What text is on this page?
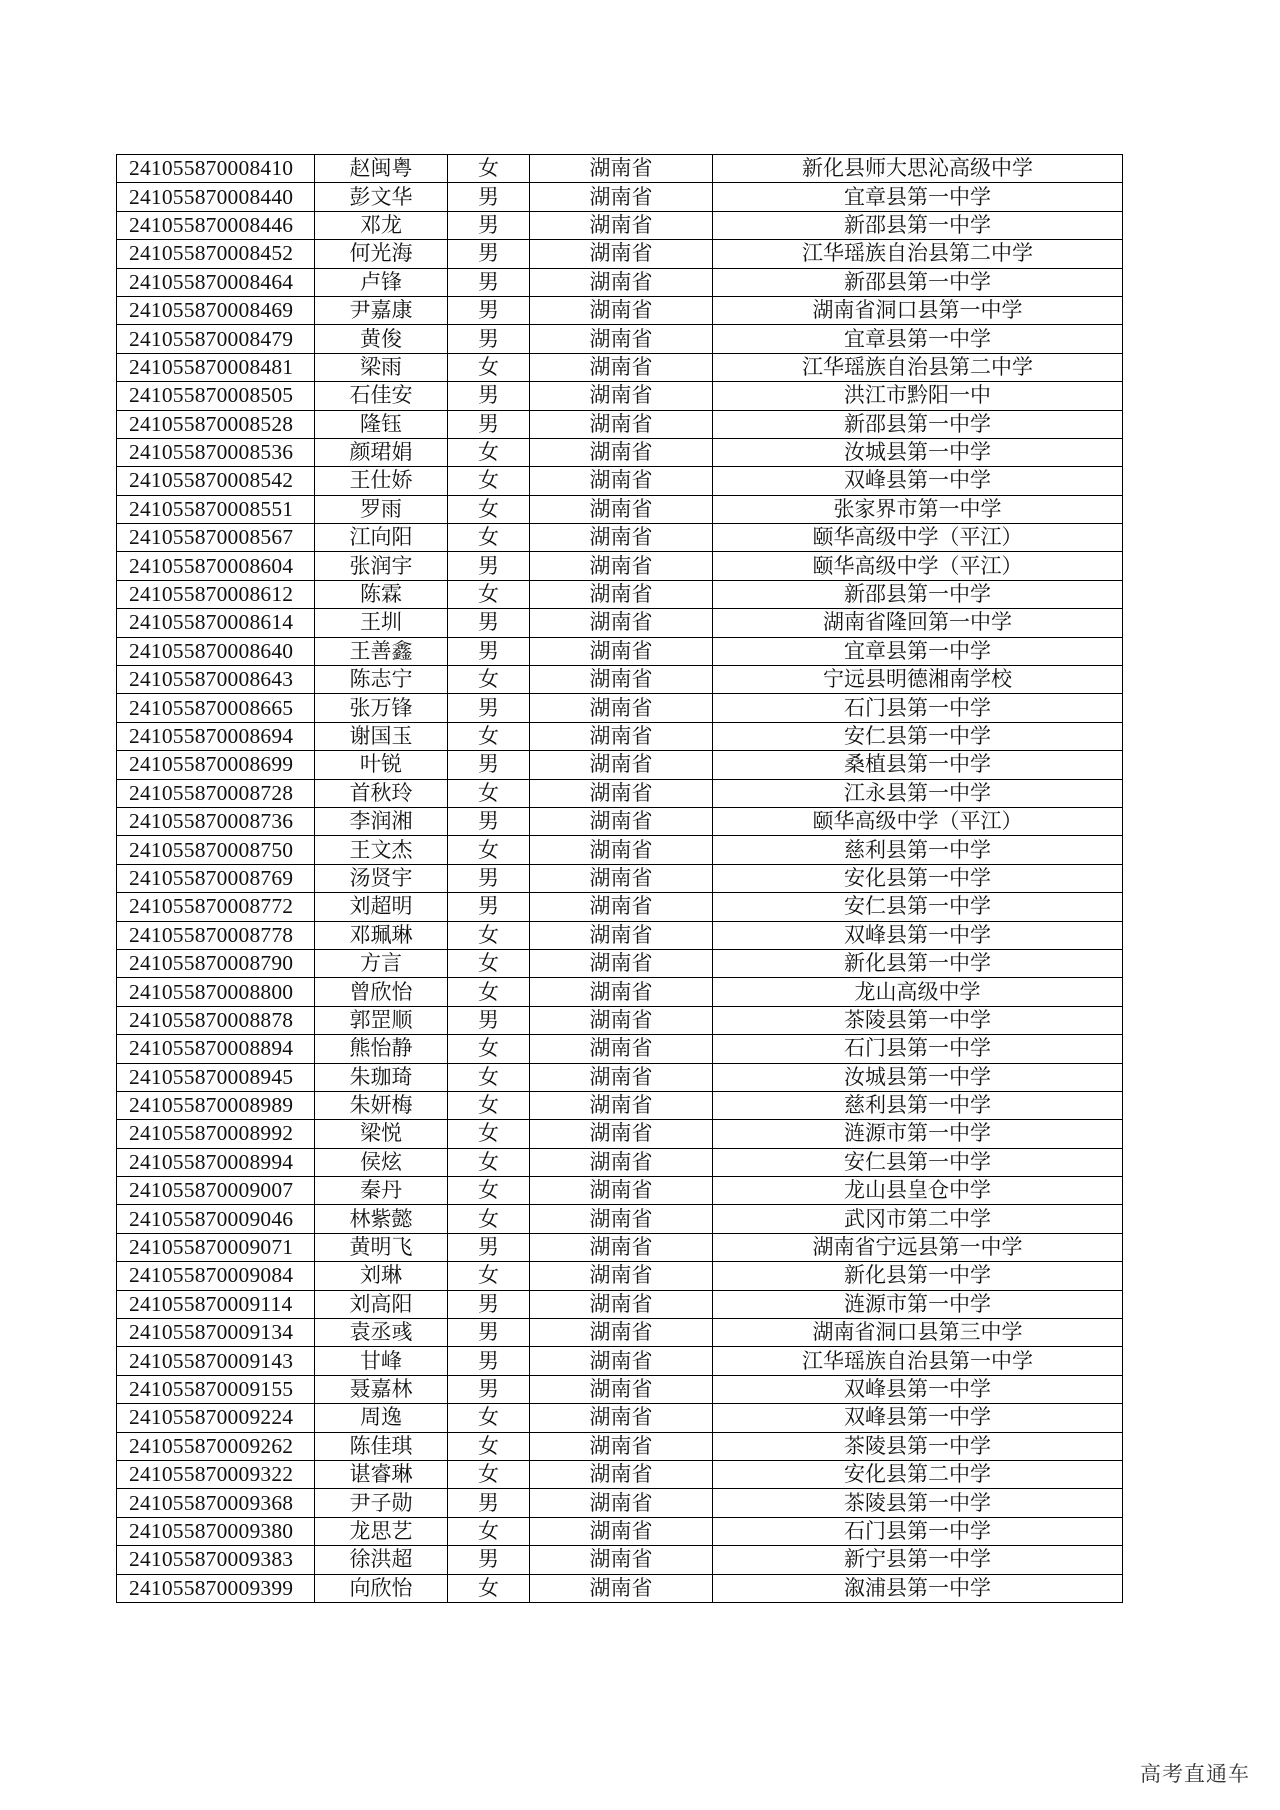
241055870008410	赵闽粤	女	湖南省	新化县师大思沁高级中学
241055870008440	彭文华	男	湖南省	宜章县第一中学
241055870008446	邓龙	男	湖南省	新邵县第一中学
241055870008452	何光海	男	湖南省	江华瑶族自治县第二中学
241055870008464	卢锋	男	湖南省	新邵县第一中学
241055870008469	尹嘉康	男	湖南省	湖南省洞口县第一中学
241055870008479	黄俊	男	湖南省	宜章县第一中学
241055870008481	梁雨	女	湖南省	江华瑶族自治县第二中学
241055870008505	石佳安	男	湖南省	洪江市黔阳一中
241055870008528	隆钰	男	湖南省	新邵县第一中学
241055870008536	颜珺娟	女	湖南省	汝城县第一中学
241055870008542	王仕娇	女	湖南省	双峰县第一中学
241055870008551	罗雨	女	湖南省	张家界市第一中学
241055870008567	江向阳	女	湖南省	颐华高级中学（平江）
241055870008604	张润宇	男	湖南省	颐华高级中学（平江）
241055870008612	陈霖	女	湖南省	新邵县第一中学
241055870008614	王圳	男	湖南省	湖南省隆回第一中学
241055870008640	王善鑫	男	湖南省	宜章县第一中学
241055870008643	陈志宁	女	湖南省	宁远县明德湘南学校
241055870008665	张万锋	男	湖南省	石门县第一中学
241055870008694	谢国玉	女	湖南省	安仁县第一中学
241055870008699	叶锐	男	湖南省	桑植县第一中学
241055870008728	首秋玲	女	湖南省	江永县第一中学
241055870008736	李润湘	男	湖南省	颐华高级中学（平江）
241055870008750	王文杰	女	湖南省	慈利县第一中学
241055870008769	汤贤宇	男	湖南省	安化县第一中学
241055870008772	刘超明	男	湖南省	安仁县第一中学
241055870008778	邓珮琳	女	湖南省	双峰县第一中学
241055870008790	方言	女	湖南省	新化县第一中学
241055870008800	曾欣怡	女	湖南省	龙山高级中学
241055870008878	郭罡顺	男	湖南省	茶陵县第一中学
241055870008894	熊怡静	女	湖南省	石门县第一中学
241055870008945	朱珈琦	女	湖南省	汝城县第一中学
241055870008989	朱妍梅	女	湖南省	慈利县第一中学
241055870008992	梁悦	女	湖南省	涟源市第一中学
241055870008994	侯炫	女	湖南省	安仁县第一中学
241055870009007	秦丹	女	湖南省	龙山县皇仓中学
241055870009046	林紫懿	女	湖南省	武冈市第二中学
241055870009071	黄明飞	男	湖南省	湖南省宁远县第一中学
241055870009084	刘琳	女	湖南省	新化县第一中学
241055870009114	刘高阳	男	湖南省	涟源市第一中学
241055870009134	袁丞彧	男	湖南省	湖南省洞口县第三中学
241055870009143	甘峰	男	湖南省	江华瑶族自治县第一中学
241055870009155	聂嘉林	男	湖南省	双峰县第一中学
241055870009224	周逸	女	湖南省	双峰县第一中学
241055870009262	陈佳琪	女	湖南省	茶陵县第一中学
241055870009322	谌睿琳	女	湖南省	安化县第二中学
241055870009368	尹子勋	男	湖南省	茶陵县第一中学
241055870009380	龙思艺	女	湖南省	石门县第一中学
241055870009383	徐洪超	男	湖南省	新宁县第一中学
241055870009399	向欣怡	女	湖南省	溆浦县第一中学
高考直通车
